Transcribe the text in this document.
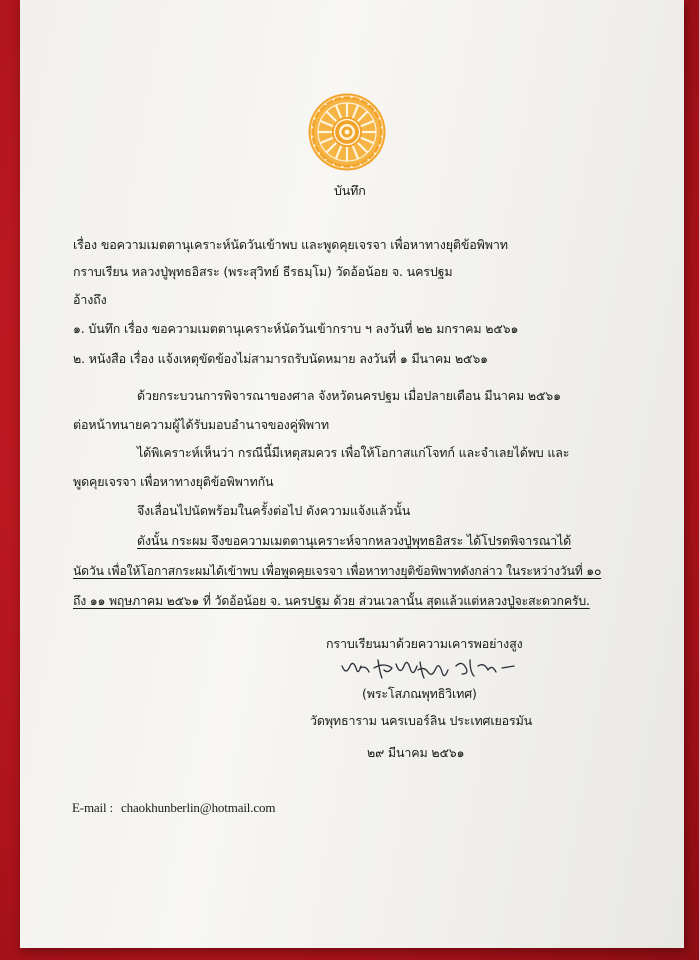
บันทึก
เรื่อง ขอความเมตตานุเคราะห์นัดวันเข้าพบ และพูดคุยเจรจา เพื่อหาทางยุติข้อพิพาท
กราบเรียน หลวงปู่พุทธอิสระ (พระสุวิทย์ ธีรธมฺโม) วัดอ้อน้อย จ. นครปฐม
อ้างถึง
๑. บันทึก เรื่อง ขอความเมตตานุเคราะห์นัดวันเข้ากราบ ฯ ลงวันที่ ๒๒ มกราคม ๒๕๖๑
๒. หนังสือ เรื่อง แจ้งเหตุขัดข้องไม่สามารถรับนัดหมาย ลงวันที่ ๑ มีนาคม ๒๕๖๑
ด้วยกระบวนการพิจารณาของศาล จังหวัดนครปฐม เมื่อปลายเดือน มีนาคม ๒๕๖๑
ต่อหน้าทนายความผู้ได้รับมอบอำนาจของคู่พิพาท
ได้พิเคราะห์เห็นว่า กรณีนี้มีเหตุสมควร เพื่อให้โอกาสแก่โจทก์ และจำเลยได้พบ และ
พูดคุยเจรจา เพื่อหาทางยุติข้อพิพาทกัน
จึงเลื่อนไปนัดพร้อมในครั้งต่อไป ดังความแจ้งแล้วนั้น
ดังนั้น กระผม จึงขอความเมตตานุเคราะห์จากหลวงปู่พุทธอิสระ ได้โปรดพิจารณาได้
นัดวัน เพื่อให้โอกาสกระผมได้เข้าพบ เพื่อพูดคุยเจรจา เพื่อหาทางยุติข้อพิพาทดังกล่าว ในระหว่างวันที่ ๑๐
ถึง ๑๑ พฤษภาคม ๒๕๖๑ ที่ วัดอ้อน้อย จ. นครปฐม ด้วย ส่วนเวลานั้น สุดแล้วแต่หลวงปู่จะสะดวกครับ.
กราบเรียนมาด้วยความเคารพอย่างสูง
(พระโสภณพุทธิวิเทศ)
วัดพุทธาราม นครเบอร์ลิน ประเทศเยอรมัน
๒๙ มีนาคม ๒๕๖๑
E-mail : chaokhunberlin@hotmail.com
